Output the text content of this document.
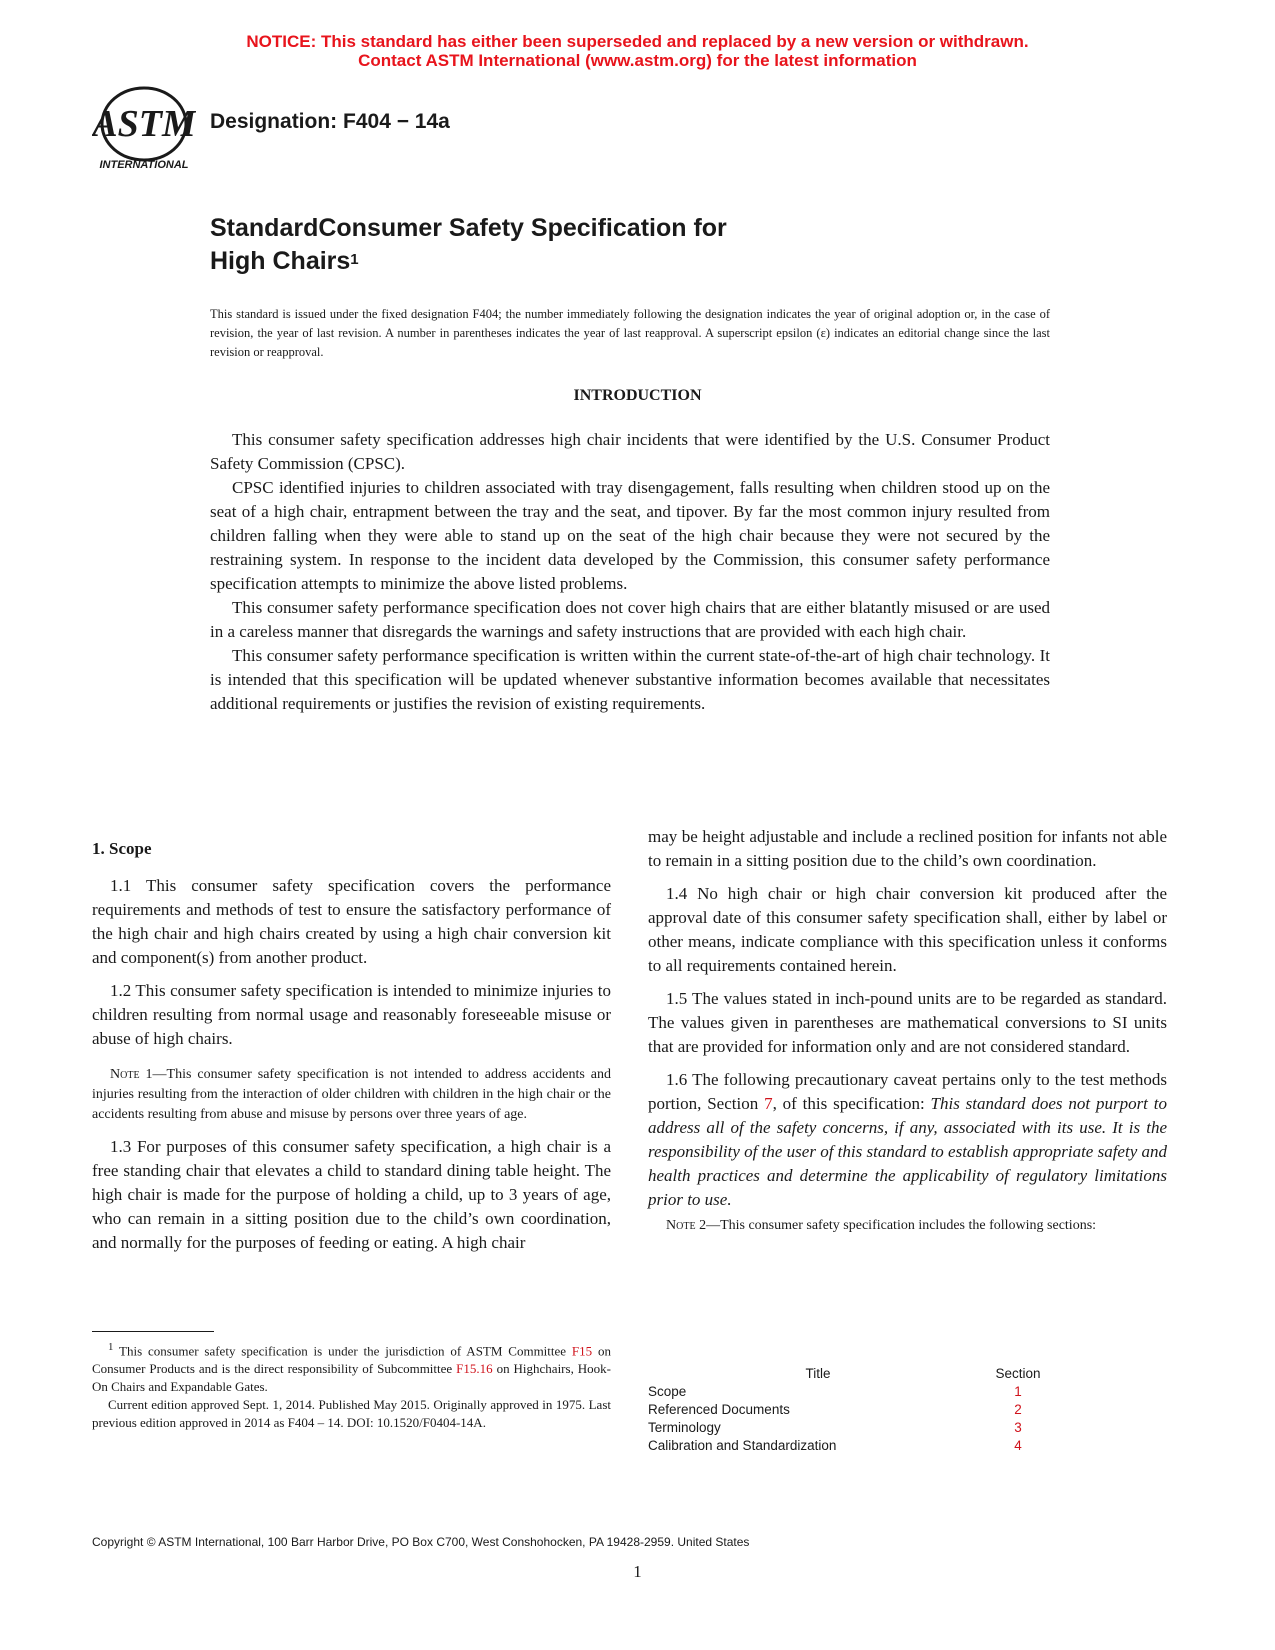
NOTICE: This standard has either been superseded and replaced by a new version or withdrawn.
Contact ASTM International (www.astm.org) for the latest information
ASTM
INTERNATIONAL
Designation: F404 − 14a
StandardConsumer Safety Specification for
High Chairs$^1$
This standard is issued under the fixed designation F404; the number immediately following the designation indicates the year of original adoption or, in the case of revision, the year of last revision. A number in parentheses indicates the year of last reapproval. A superscript epsilon (ε) indicates an editorial change since the last revision or reapproval.
INTRODUCTION

This consumer safety specification addresses high chair incidents that were identified by the U.S. Consumer Product Safety Commission (CPSC).

CPSC identified injuries to children associated with tray disengagement, falls resulting when children stood up on the seat of a high chair, entrapment between the tray and the seat, and tipover. By far the most common injury resulted from children falling when they were able to stand up on the seat of the high chair because they were not secured by the restraining system. In response to the incident data developed by the Commission, this consumer safety performance specification attempts to minimize the above listed problems.

This consumer safety performance specification does not cover high chairs that are either blatantly misused or are used in a careless manner that disregards the warnings and safety instructions that are provided with each high chair.

This consumer safety performance specification is written within the current state-of-the-art of high chair technology. It is intended that this specification will be updated whenever substantive information becomes available that necessitates additional requirements or justifies the revision of existing requirements.

1. Scope

1.1 This consumer safety specification covers the performance requirements and methods of test to ensure the satisfactory performance of the high chair and high chairs created by using a high chair conversion kit and component(s) from another product.

1.2 This consumer safety specification is intended to minimize injuries to children resulting from normal usage and reasonably foreseeable misuse or abuse of high chairs.

Note 1—This consumer safety specification is not intended to address accidents and injuries resulting from the interaction of older children with children in the high chair or the accidents resulting from abuse and misuse by persons over three years of age.

1.3 For purposes of this consumer safety specification, a high chair is a free standing chair that elevates a child to standard dining table height. The high chair is made for the purpose of holding a child, up to 3 years of age, who can remain in a sitting position due to the child’s own coordination, and normally for the purposes of feeding or eating. A high chair

$^1$ This consumer safety specification is under the jurisdiction of ASTM Committee F15 on Consumer Products and is the direct responsibility of Subcommittee F15.16 on Highchairs, Hook-On Chairs and Expandable Gates.

Current edition approved Sept. 1, 2014. Published May 2015. Originally approved in 1975. Last previous edition approved in 2014 as F404 – 14. DOI: 10.1520/F0404-14A.

may be height adjustable and include a reclined position for infants not able to remain in a sitting position due to the child’s own coordination.

1.4 No high chair or high chair conversion kit produced after the approval date of this consumer safety specification shall, either by label or other means, indicate compliance with this specification unless it conforms to all requirements contained herein.

1.5 The values stated in inch-pound units are to be regarded as standard. The values given in parentheses are mathematical conversions to SI units that are provided for information only and are not considered standard.

1.6 The following precautionary caveat pertains only to the test methods portion, Section 7, of this specification: This standard does not purport to address all of the safety concerns, if any, associated with its use. It is the responsibility of the user of this standard to establish appropriate safety and health practices and determine the applicability of regulatory limitations prior to use.

Note 2—This consumer safety specification includes the following sections:

Title	Section
Scope	1
Referenced Documents	2
Terminology	3
Calibration and Standardization	4
Copyright © ASTM International, 100 Barr Harbor Drive, PO Box C700, West Conshohocken, PA 19428-2959. United States
1
